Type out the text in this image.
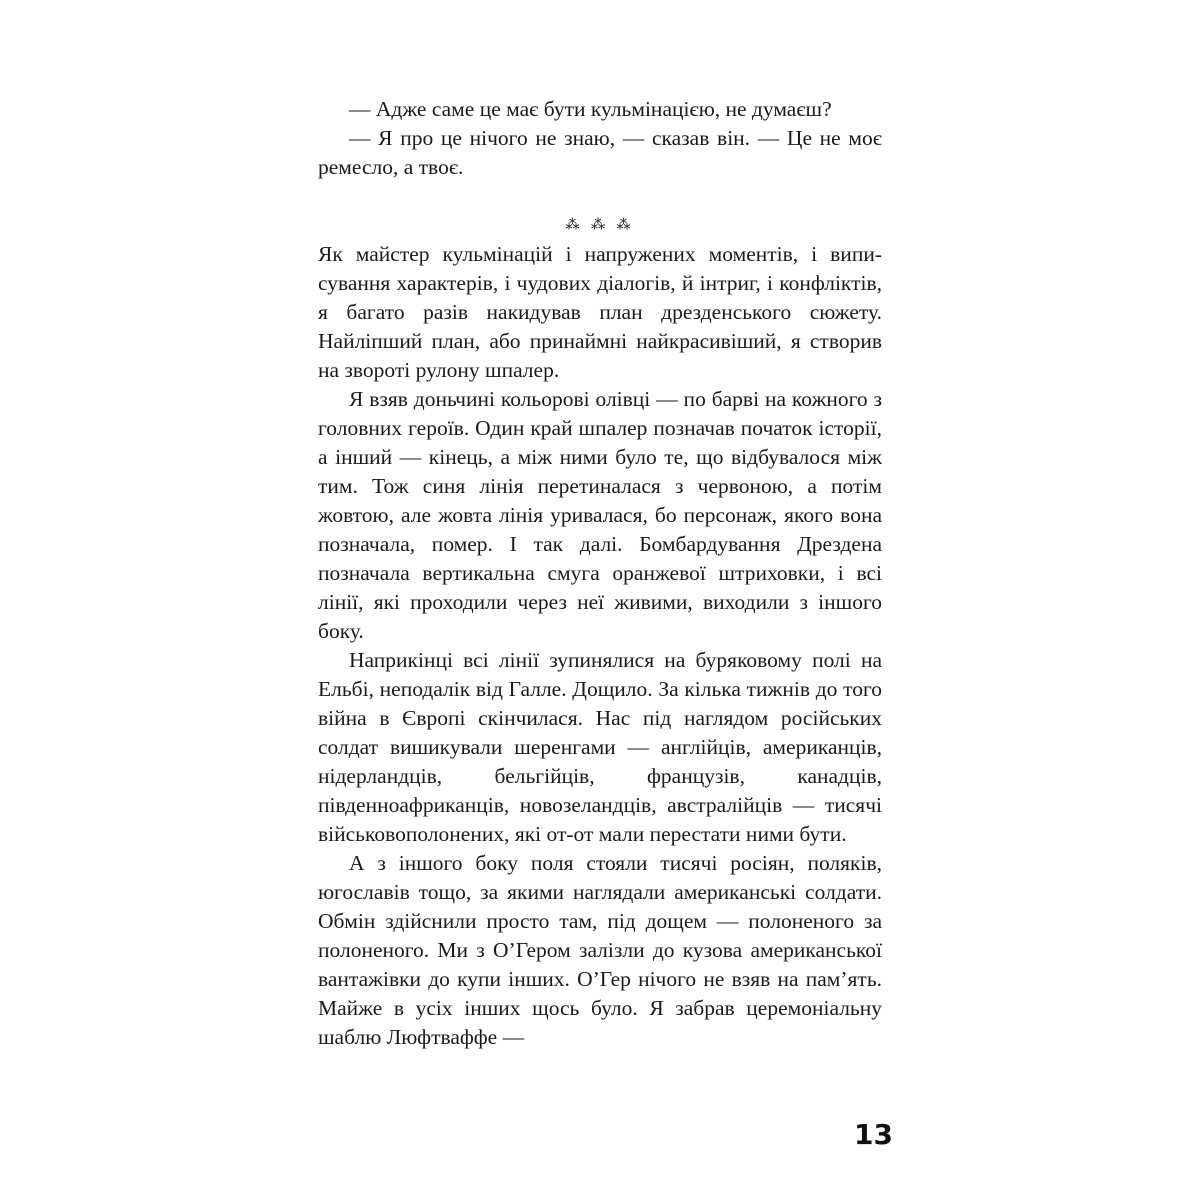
— Адже саме це має бути кульмінацією, не думаєш?

— Я про це нічого не знаю, — сказав він. — Це не моє ремесло, а твоє.

⁂ ⁂ ⁂

Як майстер кульмінацій і напружених моментів, і виписування характерів, і чудових діалогів, й інтриг, і конфліктів, я багато разів накидував план дрезденського сюжету. Найліпший план, або принаймні найкрасивіший, я створив на звороті рулону шпалер.

Я взяв доньчині кольорові олівці — по барві на кожного з головних героїв. Один край шпалер позначав початок історії, а інший — кінець, а між ними було те, що відбувалося між тим. Тож синя лінія перетиналася з червоною, а потім жовтою, але жовта лінія уривалася, бо персонаж, якого вона позначала, помер. І так далі. Бомбардування Дрездена позначала вертикальна смуга оранжевої штриховки, і всі лінії, які проходили через неї живими, виходили з іншого боку.

Наприкінці всі лінії зупинялися на буряковому полі на Ельбі, неподалік від Галле. Дощило. За кілька тижнів до того війна в Європі скінчилася. Нас під наглядом російських солдат вишикували шеренгами — англійців, американців, нідерландців, бельгійців, французів, канадців, південноафриканців, новозеландців, австралійців — тисячі військовополонених, які от-от мали перестати ними бути.

А з іншого боку поля стояли тисячі росіян, поляків, югославів тощо, за якими наглядали американські солдати. Обмін здійснили просто там, під дощем — полоненого за полоненого. Ми з О’Гером залізли до кузова американської вантажівки до купи інших. О’Гер нічого не взяв на пам’ять. Майже в усіх інших щось було. Я забрав церемоніальну шаблю Люфтваффе —

13
